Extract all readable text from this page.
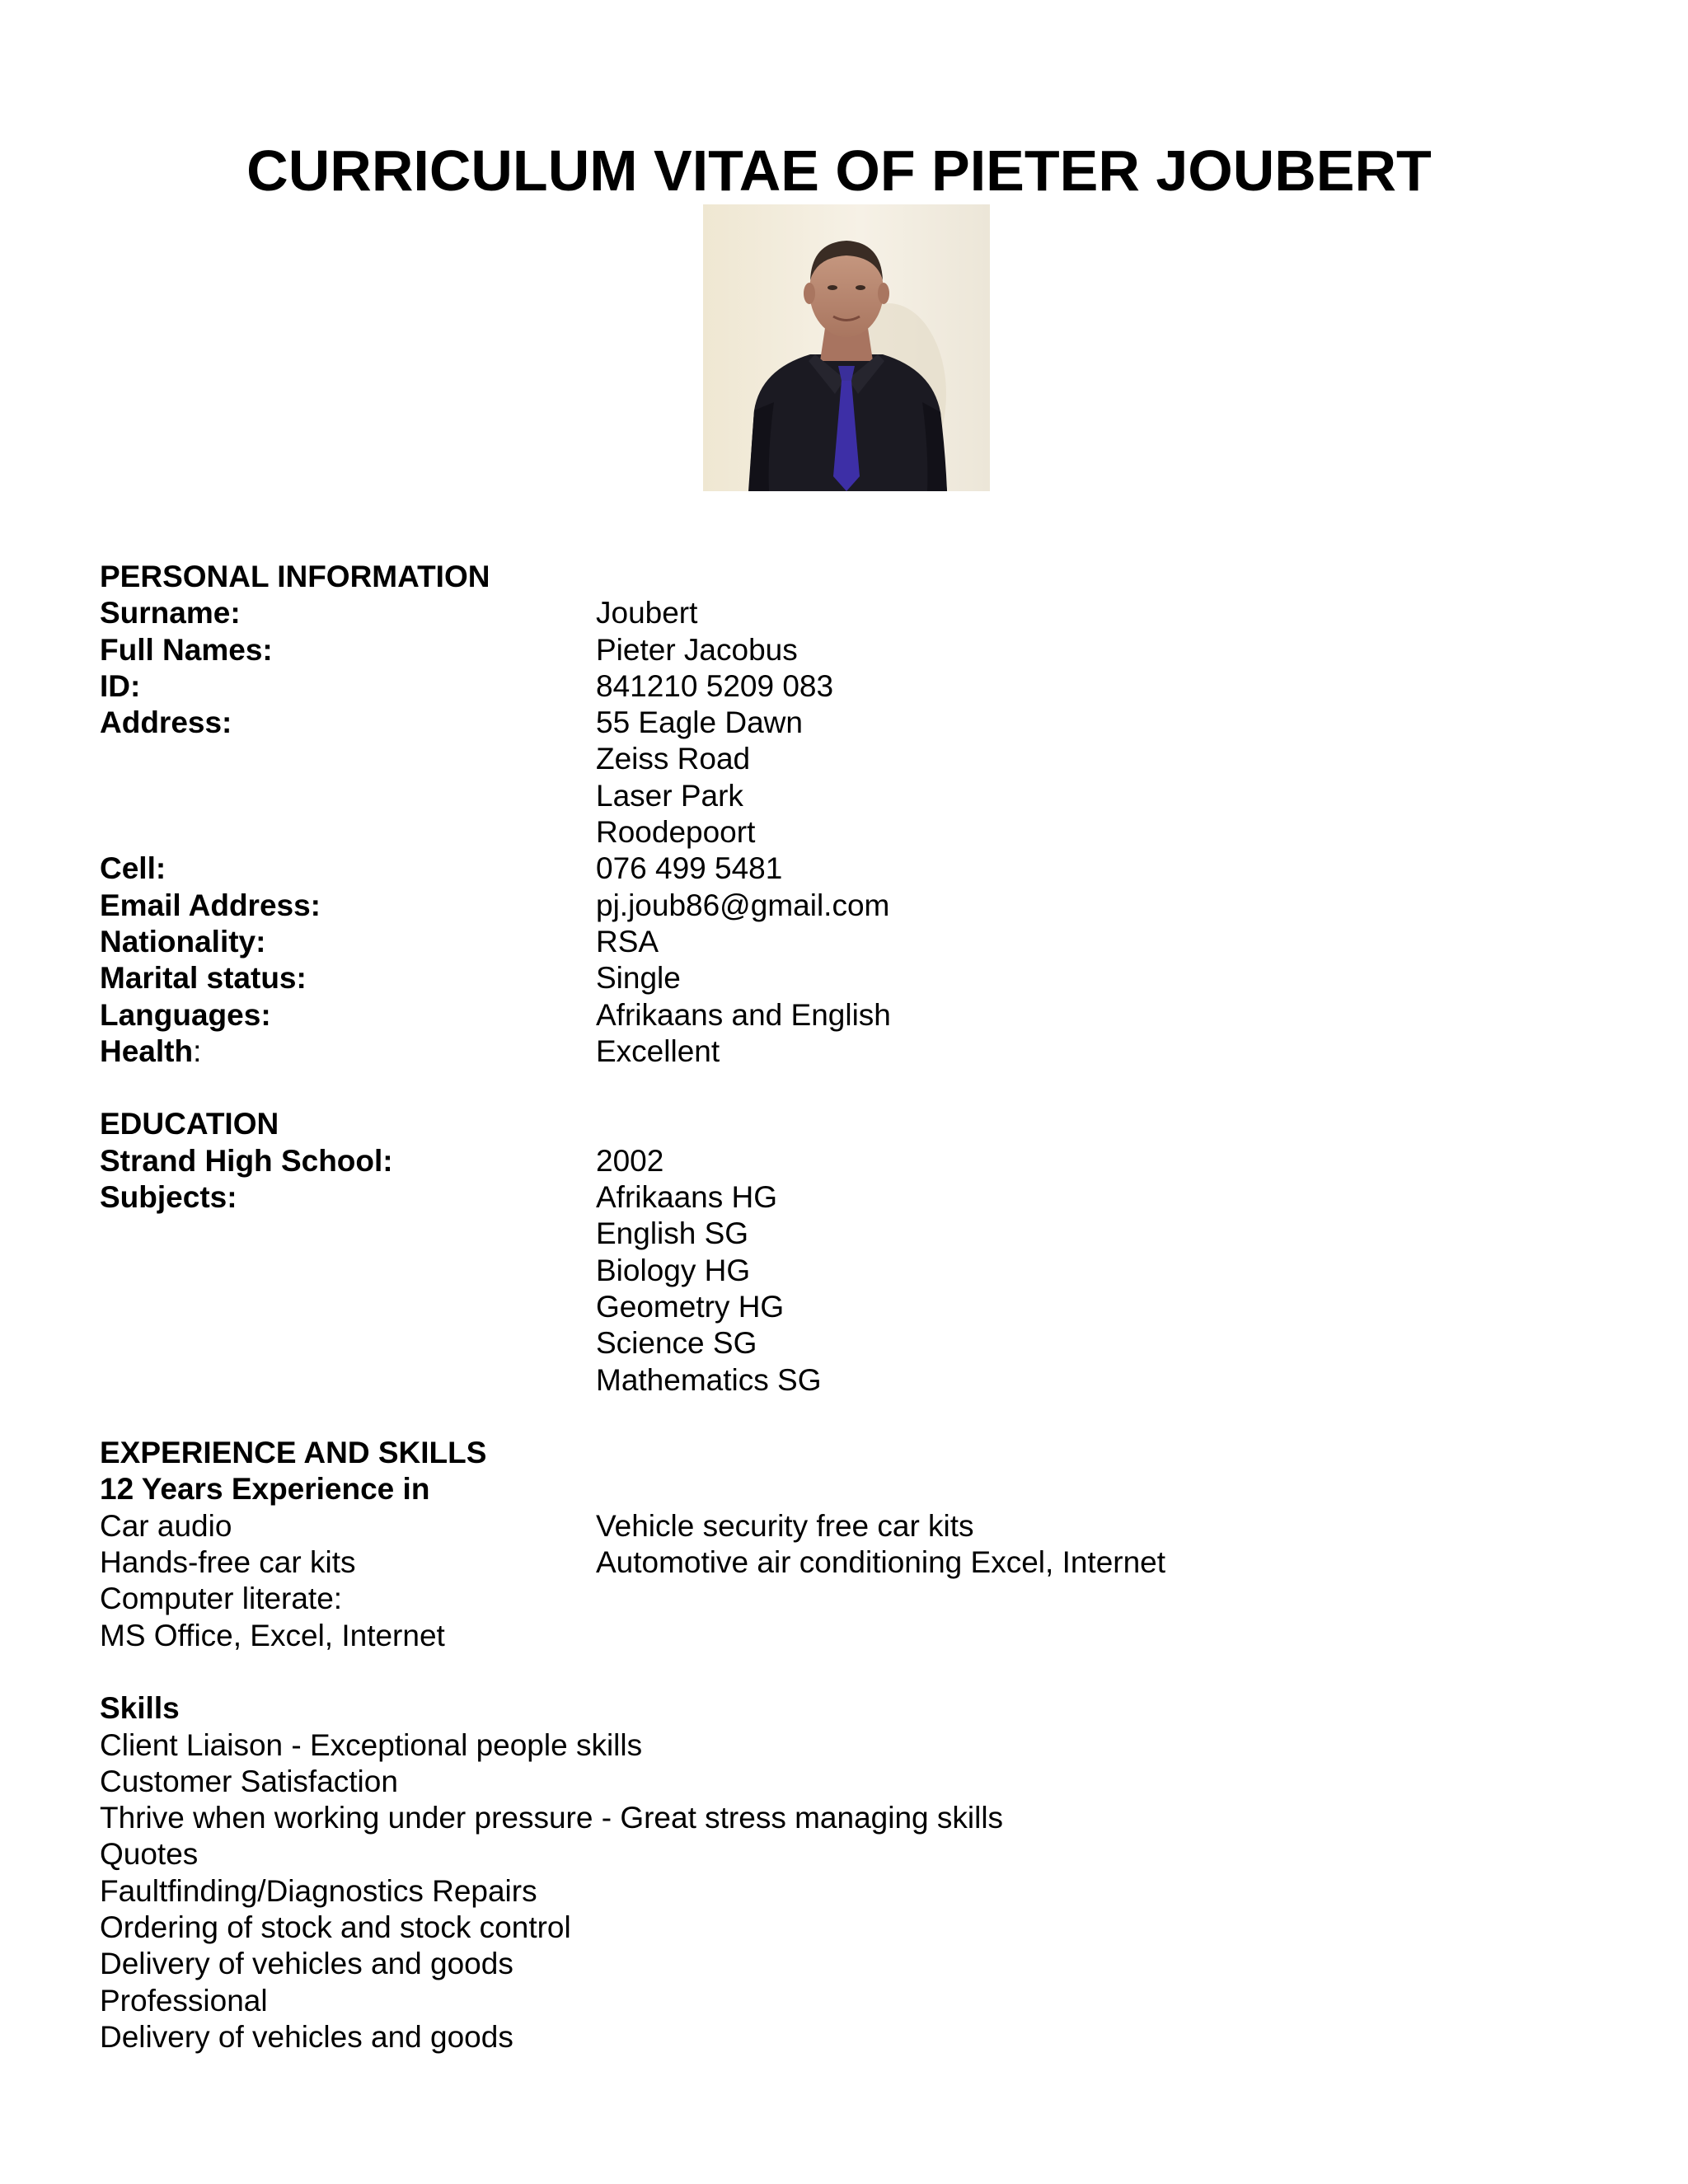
CURRICULUM VITAE OF PIETER JOUBERT
PERSONAL INFORMATION
Surname:	Joubert
Full Names:	Pieter Jacobus
ID:	841210 5209 083
Address:	55 Eagle Dawn
Zeiss Road
Laser Park
Roodepoort
Cell:	076 499 5481
Email Address:	pj.joub86@gmail.com
Nationality:	RSA
Marital status:	Single
Languages:	Afrikaans and English
Health:	Excellent
EDUCATION
Strand High School:	2002
Subjects:	Afrikaans HG
English SG
Biology HG
Geometry HG
Science SG
Mathematics SG
EXPERIENCE AND SKILLS
12 Years Experience in
Car audio	Vehicle security free car kits
Hands-free car kits	Automotive air conditioning Excel, Internet
Computer literate:
MS Office, Excel, Internet
Skills
Client Liaison - Exceptional people skills
Customer Satisfaction
Thrive when working under pressure - Great stress managing skills
Quotes
Faultfinding/Diagnostics Repairs
Ordering of stock and stock control
Delivery of vehicles and goods
Professional
Delivery of vehicles and goods
